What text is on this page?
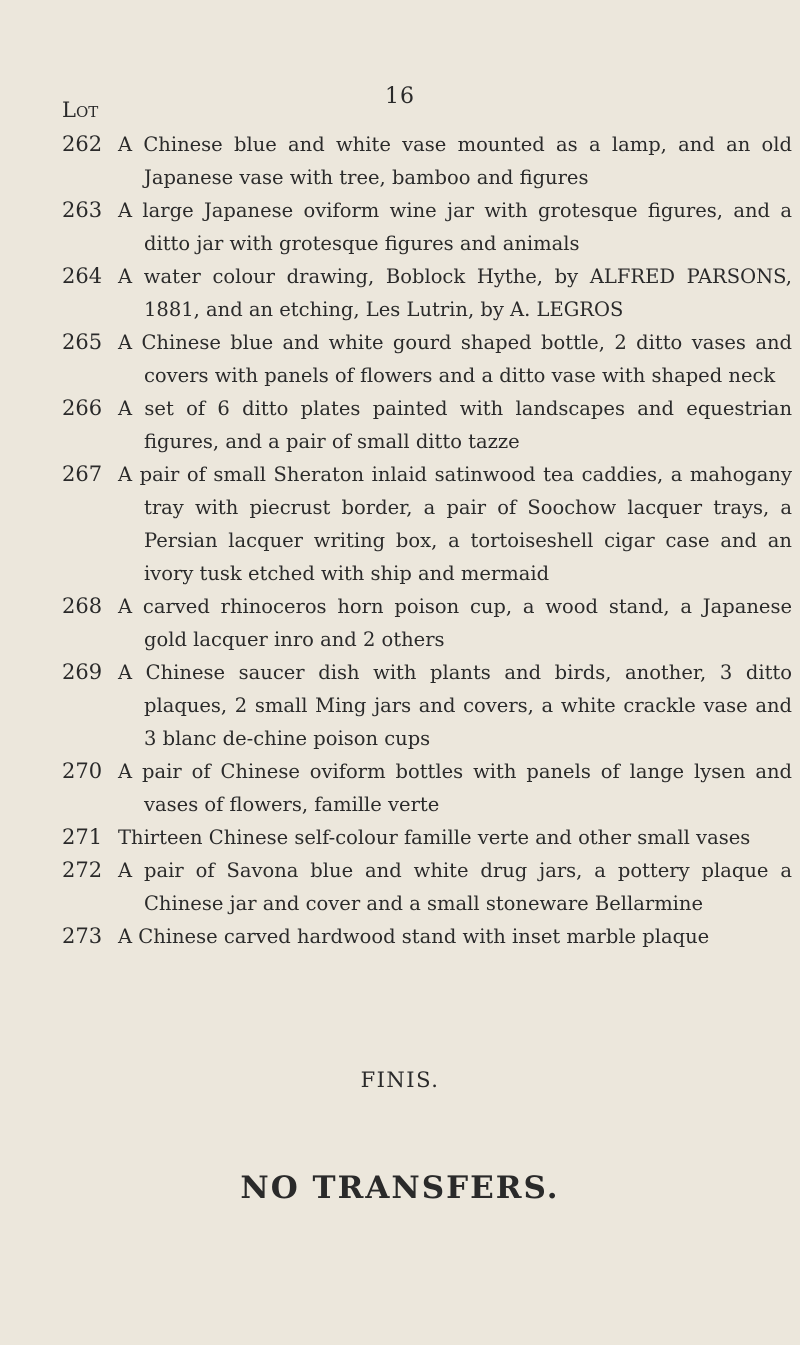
16
Lot
262 A Chinese blue and white vase mounted as a lamp, and an old Japanese vase with tree, bamboo and figures
263 A large Japanese oviform wine jar with grotesque figures, and a ditto jar with grotesque figures and animals
264 A water colour drawing, Boblock Hythe, by ALFRED PARSONS, 1881, and an etching, Les Lutrin, by A. LEGROS
265 A Chinese blue and white gourd shaped bottle, 2 ditto vases and covers with panels of flowers and a ditto vase with shaped neck
266 A set of 6 ditto plates painted with landscapes and equestrian figures, and a pair of small ditto tazze
267 A pair of small Sheraton inlaid satinwood tea caddies, a mahogany tray with piecrust border, a pair of Soochow lacquer trays, a Persian lacquer writing box, a tortoiseshell cigar case and an ivory tusk etched with ship and mermaid
268 A carved rhinoceros horn poison cup, a wood stand, a Japanese gold lacquer inro and 2 others
269 A Chinese saucer dish with plants and birds, another, 3 ditto plaques, 2 small Ming jars and covers, a white crackle vase and 3 blanc de-chine poison cups
270 A pair of Chinese oviform bottles with panels of lange lysen and vases of flowers, famille verte
271 Thirteen Chinese self-colour famille verte and other small vases
272 A pair of Savona blue and white drug jars, a pottery plaque a Chinese jar and cover and a small stoneware Bellarmine
273 A Chinese carved hardwood stand with inset marble plaque
FINIS.
NO TRANSFERS.
